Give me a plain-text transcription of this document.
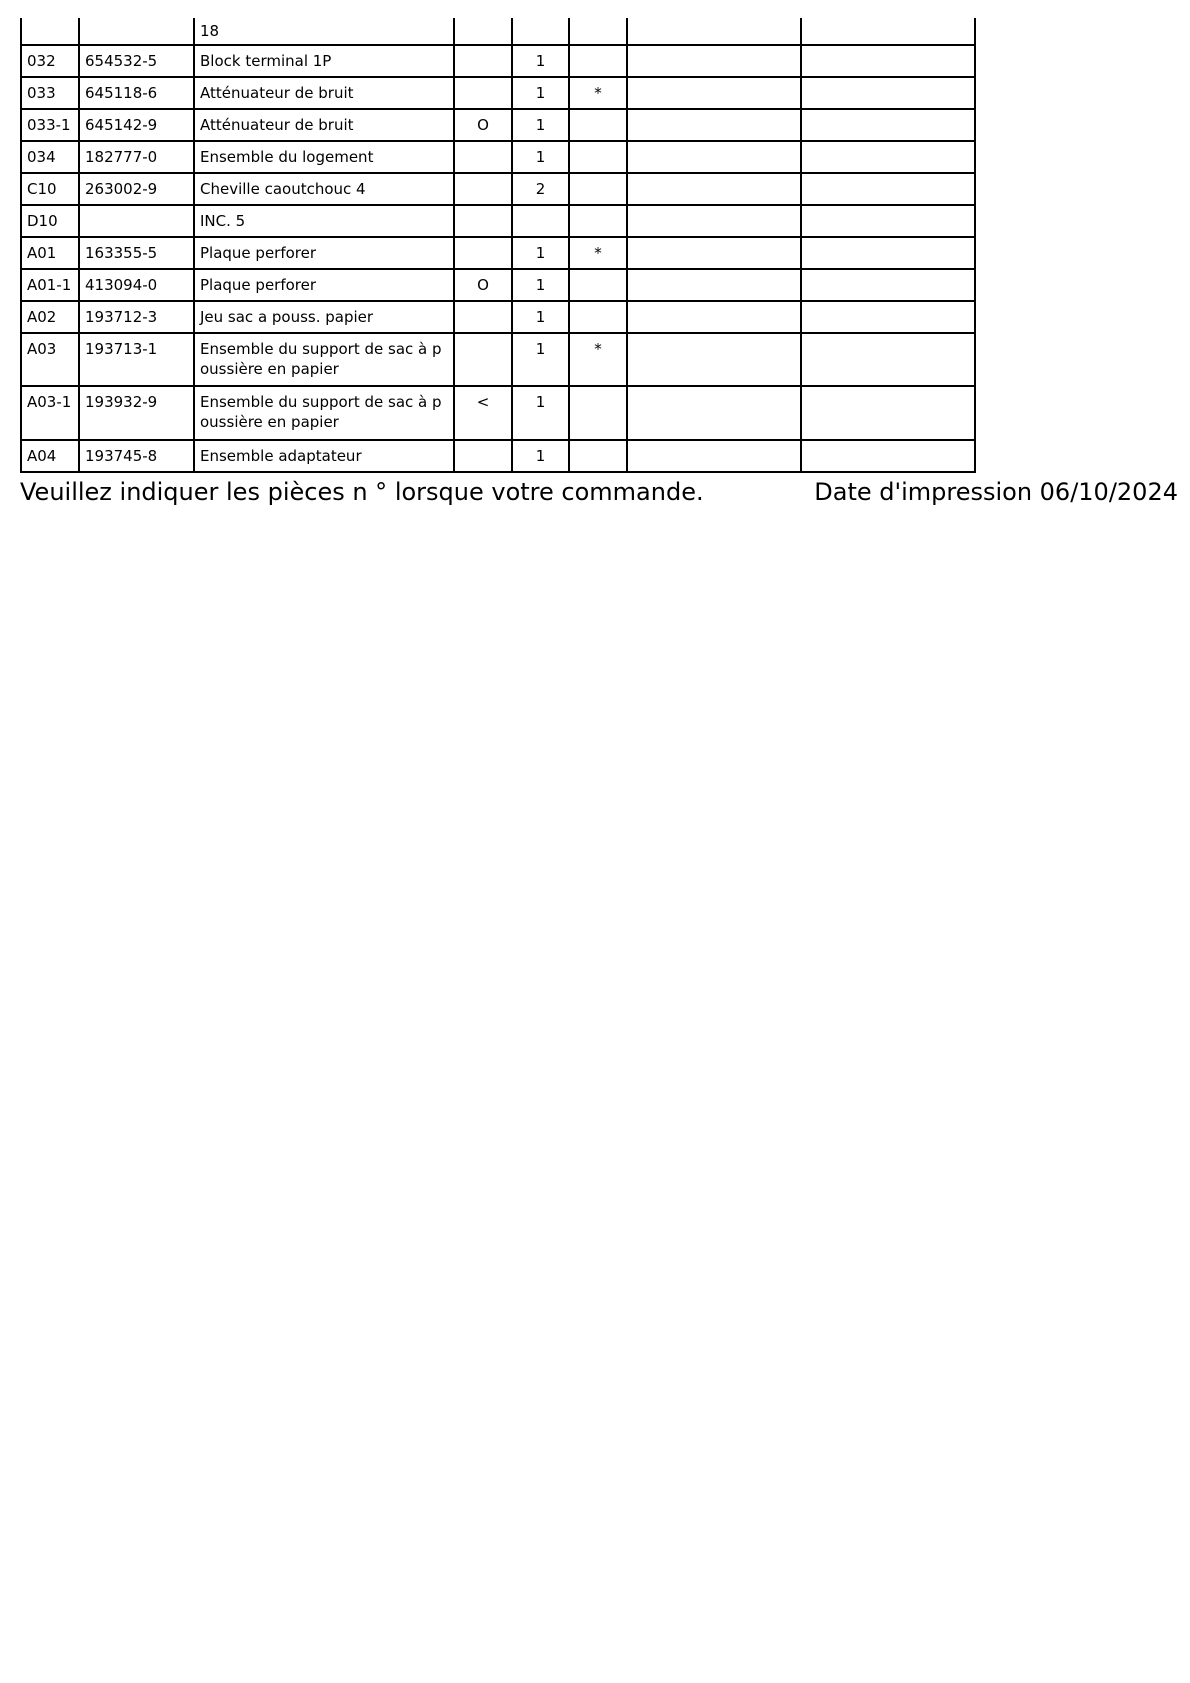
		18					
032	654532-5	Block terminal 1P		1			
033	645118-6	Atténuateur de bruit		1	*		
033-1	645142-9	Atténuateur de bruit	O	1			
034	182777-0	Ensemble du logement		1			
C10	263002-9	Cheville caoutchouc 4		2			
D10		INC. 5					
A01	163355-5	Plaque perforer		1	*		
A01-1	413094-0	Plaque perforer	O	1			
A02	193712-3	Jeu sac a pouss. papier		1			
A03	193713-1	Ensemble du support de sac à poussière en papier		1	*		
A03-1	193932-9	Ensemble du support de sac à poussière en papier	<	1			
A04	193745-8	Ensemble adaptateur		1			
Veuillez indiquer les pièces n ° lorsque votre commande.	Date d'impression 06/10/2024
